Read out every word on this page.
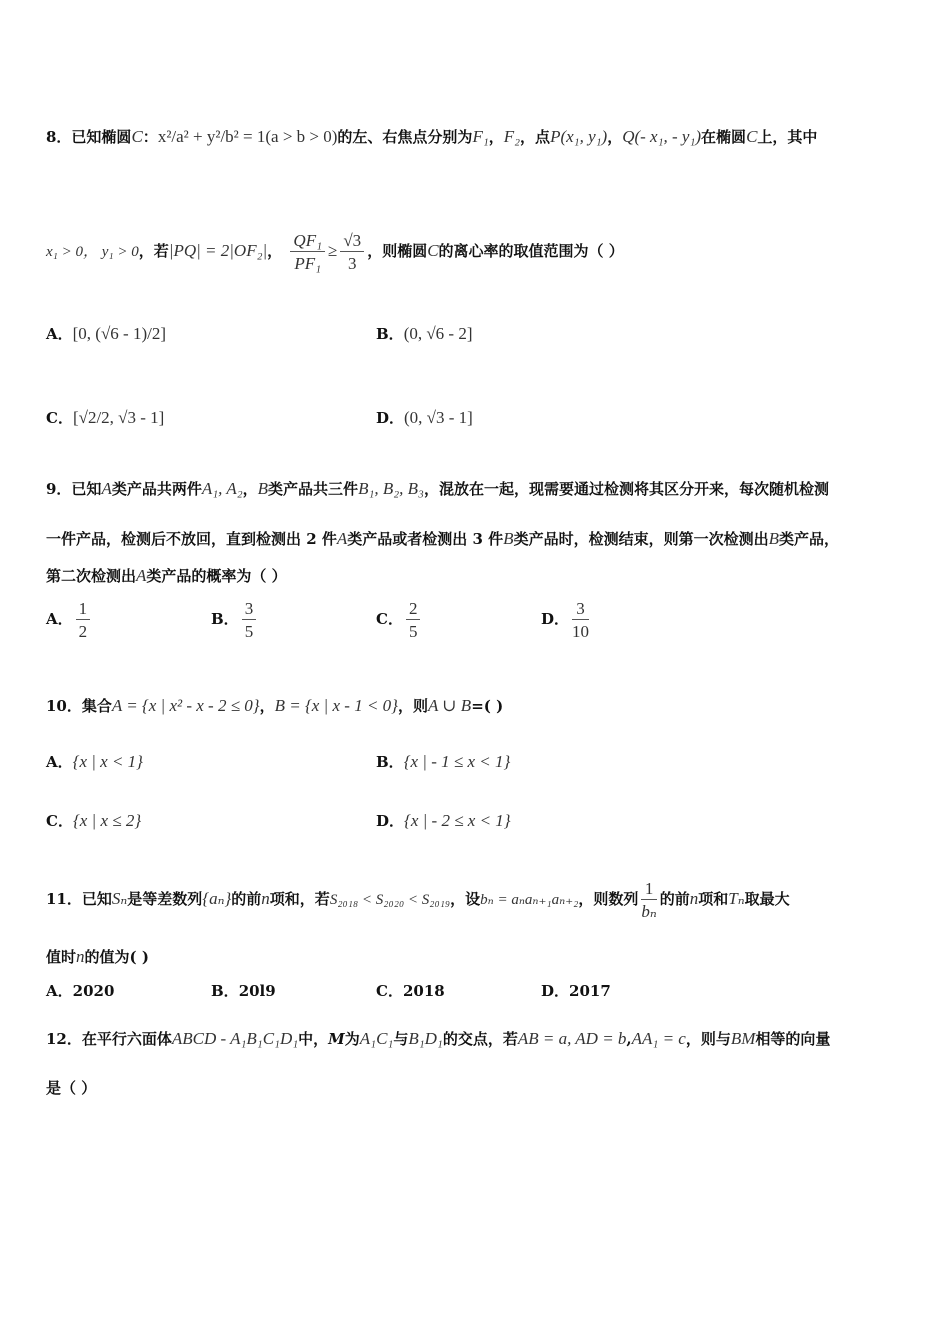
8．已知椭圆C：x²/a² + y²/b² = 1(a > b > 0)的左、右焦点分别为F₁，F₂，点P(x₁, y₁)，Q(- x₁, - y₁)在椭圆C上，其中
x₁ > 0， y₁ > 0，若|PQ| = 2|OF₂|， $\frac{\text{QF₁}}{\text{PF₁}} \ge \frac{√3}{3}$ ，则椭圆C的离心率的取值范围为（ ）
A．[0, (√6 - 1)/2]	B．(0, √6 - 2]
C．[√2/2, √3 - 1]	D．(0, √3 - 1]
9．已知A类产品共两件A₁, A₂，B类产品共三件B₁, B₂, B₃，混放在一起，现需要通过检测将其区分开来，每次随机检测
一件产品，检测后不放回，直到检测出 2 件A类产品或者检测出 3 件B类产品时，检测结束，则第一次检测出B类产品，
第二次检测出A类产品的概率为（ ）
A． $\frac{1}{2}$	B． $\frac{3}{5}$	C． $\frac{2}{5}$	D． $\frac{3}{10}$
10．集合A = {x | x² - x - 2 ≤ 0}，B = {x | x - 1 < 0}，则A ∪ B=( )
A．{x | x < 1}	B．{x | - 1 ≤ x < 1}
C．{x | x ≤ 2}	D．{x | - 2 ≤ x < 1}
11．已知Sₙ是等差数列{aₙ}的前n项和，若S₂₀₁₈ < S₂₀₂₀ < S₂₀₁₉，设bₙ = aₙaₙ₊₁aₙ₊₂，则数列 $\frac{1}{\text{bₙ}}$ 的前n项和Tₙ取最大
值时n的值为( )
A．2020	B．20l9	C．2018	D．2017
12．在平行六面体ABCD - A₁B₁C₁D₁中，M为A₁C₁与B₁D₁的交点，若AB = a, AD = b,AA₁ = c，则与BM相等的向量
是（ ）
